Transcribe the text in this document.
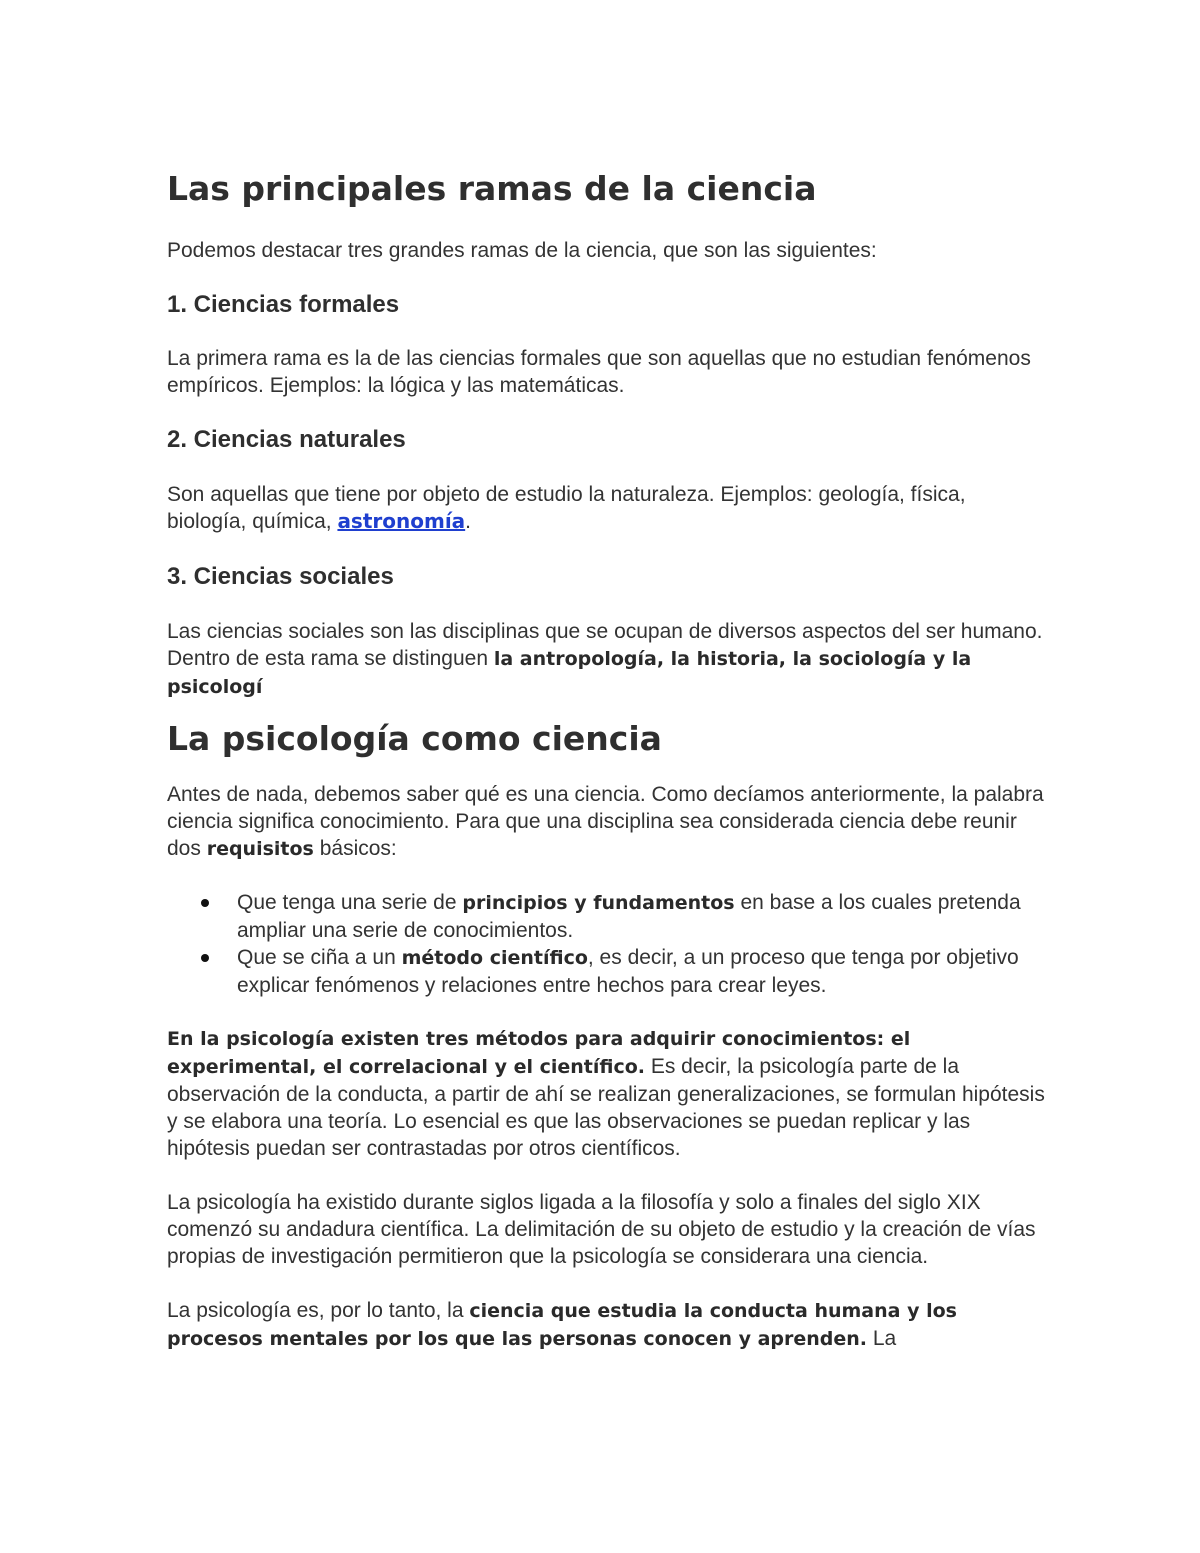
Las principales ramas de la ciencia

Podemos destacar tres grandes ramas de la ciencia, que son las siguientes:

1. Ciencias formales

La primera rama es la de las ciencias formales que son aquellas que no estudian fenómenos empíricos. Ejemplos: la lógica y las matemáticas.

2. Ciencias naturales

Son aquellas que tiene por objeto de estudio la naturaleza. Ejemplos: geología, física, biología, química, astronomía.

3. Ciencias sociales

Las ciencias sociales son las disciplinas que se ocupan de diversos aspectos del ser humano. Dentro de esta rama se distinguen la antropología, la historia, la sociología y la psicologí

La psicología como ciencia

Antes de nada, debemos saber qué es una ciencia. Como decíamos anteriormente, la palabra ciencia significa conocimiento. Para que una disciplina sea considerada ciencia debe reunir dos requisitos básicos:

Que tenga una serie de principios y fundamentos en base a los cuales pretenda ampliar una serie de conocimientos.
Que se ciña a un método científico, es decir, a un proceso que tenga por objetivo explicar fenómenos y relaciones entre hechos para crear leyes.

En la psicología existen tres métodos para adquirir conocimientos: el experimental, el correlacional y el científico. Es decir, la psicología parte de la observación de la conducta, a partir de ahí se realizan generalizaciones, se formulan hipótesis y se elabora una teoría. Lo esencial es que las observaciones se puedan replicar y las hipótesis puedan ser contrastadas por otros científicos.

La psicología ha existido durante siglos ligada a la filosofía y solo a finales del siglo XIX comenzó su andadura científica. La delimitación de su objeto de estudio y la creación de vías propias de investigación permitieron que la psicología se considerara una ciencia.

La psicología es, por lo tanto, la ciencia que estudia la conducta humana y los procesos mentales por los que las personas conocen y aprenden. La
